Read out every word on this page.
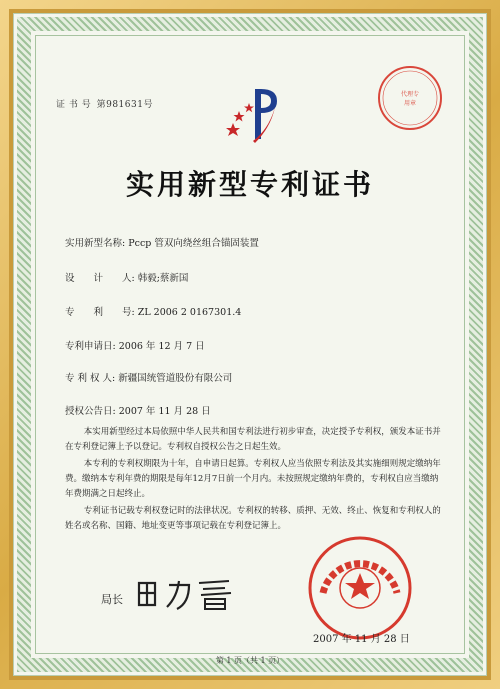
证 书 号 第981631号
代理专
用章
实用新型专利证书
实用新型名称: Pccp 管双向绕丝组合锚固装置
设　　计　　人: 韩毅;蔡新国
专　　利　　号: ZL 2006 2 0167301.4
专利申请日: 2006 年 12 月 7 日
专 利 权 人: 新疆国统管道股份有限公司
授权公告日: 2007 年 11 月 28 日

本实用新型经过本局依照中华人民共和国专利法进行初步审查，决定授予专利权，颁发本证书并在专利登记簿上予以登记。专利权自授权公告之日起生效。

本专利的专利权期限为十年，自申请日起算。专利权人应当依照专利法及其实施细则规定缴纳年费。缴纳本专利年费的期限是每年12月7日前一个月内。未按照规定缴纳年费的，专利权自应当缴纳年费期满之日起终止。

专利证书记载专利权登记时的法律状况。专利权的转移、质押、无效、终止、恢复和专利权人的姓名或名称、国籍、地址变更等事项记载在专利登记簿上。

局长
2007 年 11 月 28 日
第 1 页（共 1 页）
